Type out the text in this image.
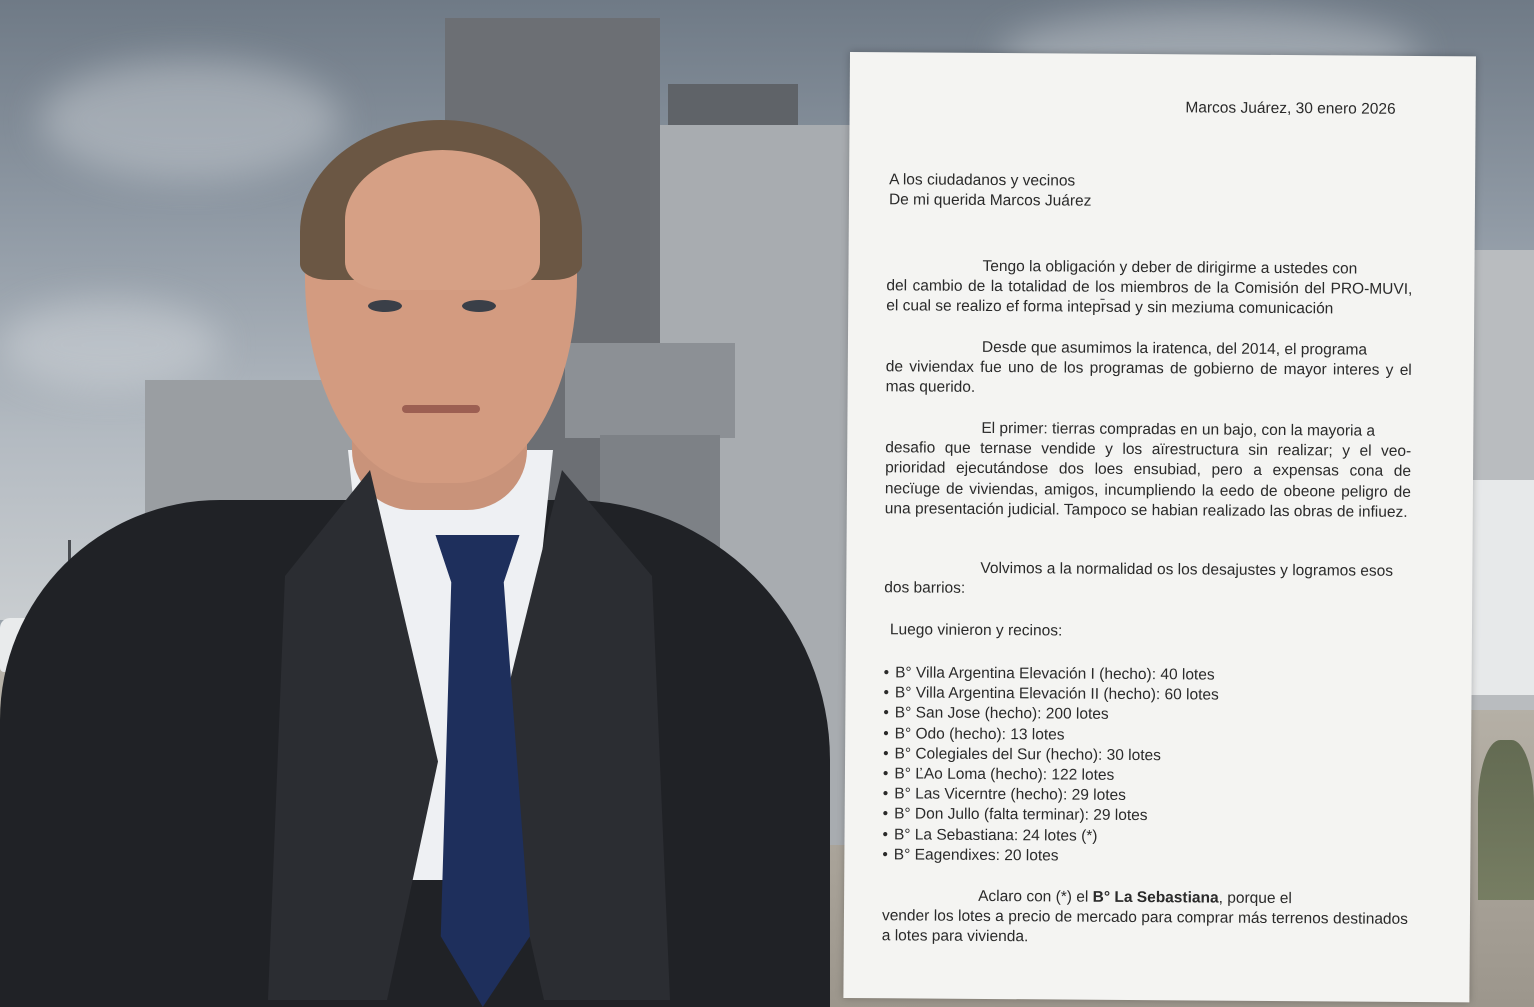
Marcos Juárez, 30 enero 2026
A los ciudadanos y vecinos
De mi querida Marcos Juárez
Tengo la obligación y deber de dirigirme a ustedes con
del cambio de la totalidad de los miembros de la Comisión del PRO-MUVI, el cual se realizo ef forma intepr̄sad y sin meziuma comunicación
Desde que asumimos la iratenca, del 2014, el programa
de viviendax fue uno de los programas de gobierno de mayor interes y el mas querido.
El primer: tierras compradas en un bajo, con la mayoria a
desafio que ternase vendide y los aïrestructura sin realizar; y el veo-prioridad ejecutándose dos loes ensubiad, pero a expensas cona de necïuge de viviendas, amigos, incumpliendo la eedo de obeone peligro de una presentación judicial. Tampoco se habian realizado las obras de infiuez.
Volvimos a la normalidad os los desajustes y logramos esos
dos barrios:
Luego vinieron y recinos:
• B° Villa Argentina Elevación I (hecho): 40 lotes
• B° Villa Argentina Elevación II (hecho): 60 lotes
• B° San Jose (hecho): 200 lotes
• B° Odo (hecho): 13 lotes
• B° Colegiales del Sur (hecho): 30 lotes
• B° ĽAo Loma (hecho): 122 lotes
• B° Las Vicerntre (hecho): 29 lotes
• B° Don Jullo (falta terminar): 29 lotes
• B° La Sebastiana: 24 lotes (*)
• B° Eagendixes: 20 lotes
Aclaro con (*) el B° La Sebastiana, porque el
vender los lotes a precio de mercado para comprar más terrenos destinados a lotes para vivienda.
